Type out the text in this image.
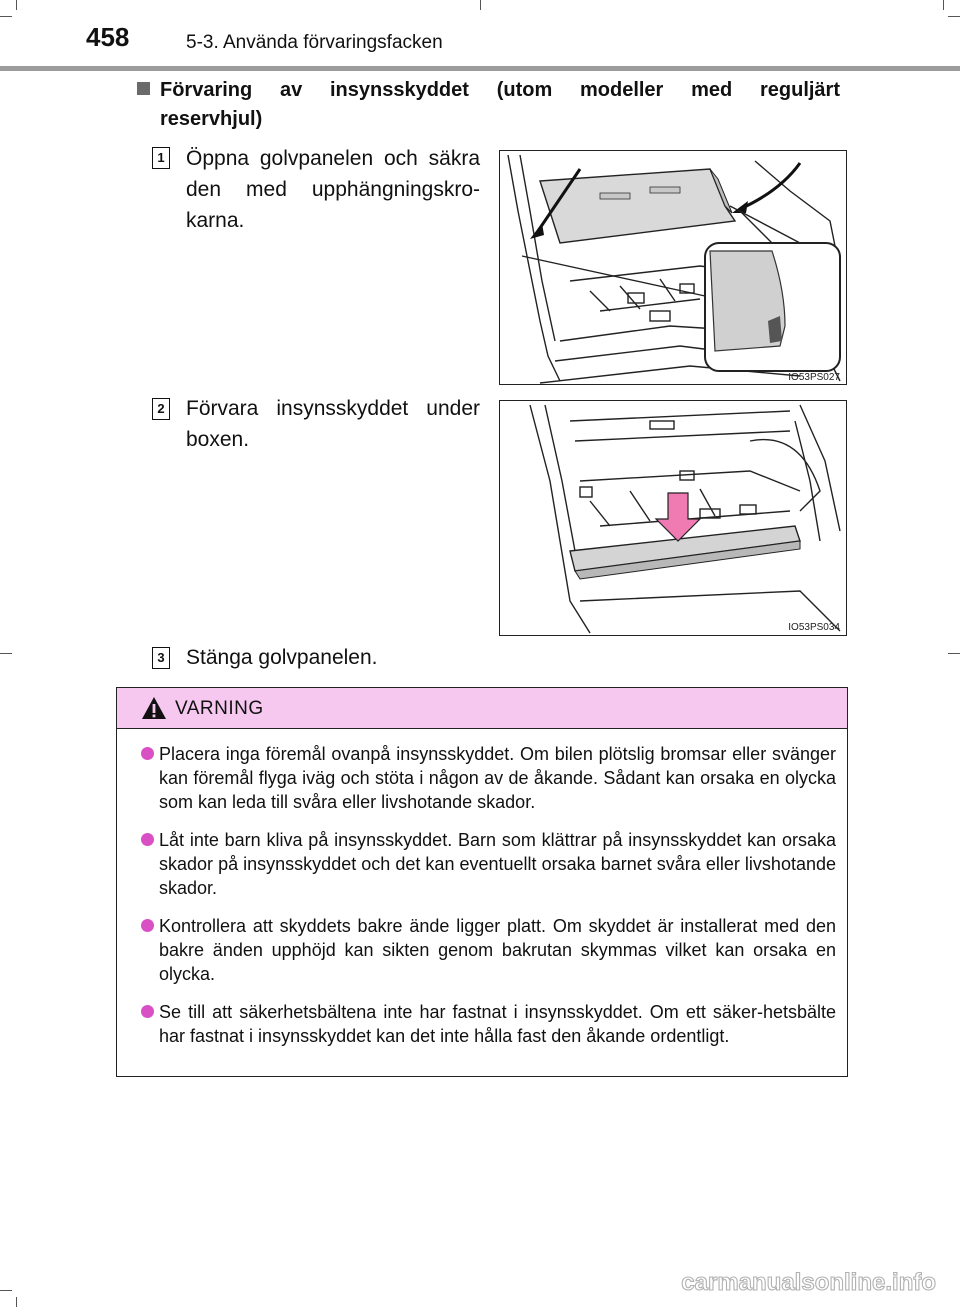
458	5-3. Använda förvaringsfacken
Förvaring av insynsskyddet (utom modeller med reguljärt
reservhjul)
1 Öppna golvpanelen och säkra
den med upphängningskro-
karna.
IO53PS027
2 Förvara insynsskyddet under
boxen.
IO53PS034
3 Stänga golvpanelen.
VARNING
Placera inga föremål ovanpå insynsskyddet. Om bilen plötslig bromsar eller svänger kan föremål flyga iväg och stöta i någon av de åkande. Sådant kan orsaka en olycka som kan leda till svåra eller livshotande skador.
Låt inte barn kliva på insynsskyddet. Barn som klättrar på insynsskyddet kan orsaka skador på insynsskyddet och det kan eventuellt orsaka barnet svåra eller livshotande skador.
Kontrollera att skyddets bakre ände ligger platt. Om skyddet är installerat med den bakre änden upphöjd kan sikten genom bakrutan skymmas vilket kan orsaka en olycka.
Se till att säkerhetsbältena inte har fastnat i insynsskyddet. Om ett säker-hetsbälte har fastnat i insynsskyddet kan det inte hålla fast den åkande ordentligt.
carmanualsonline.info
